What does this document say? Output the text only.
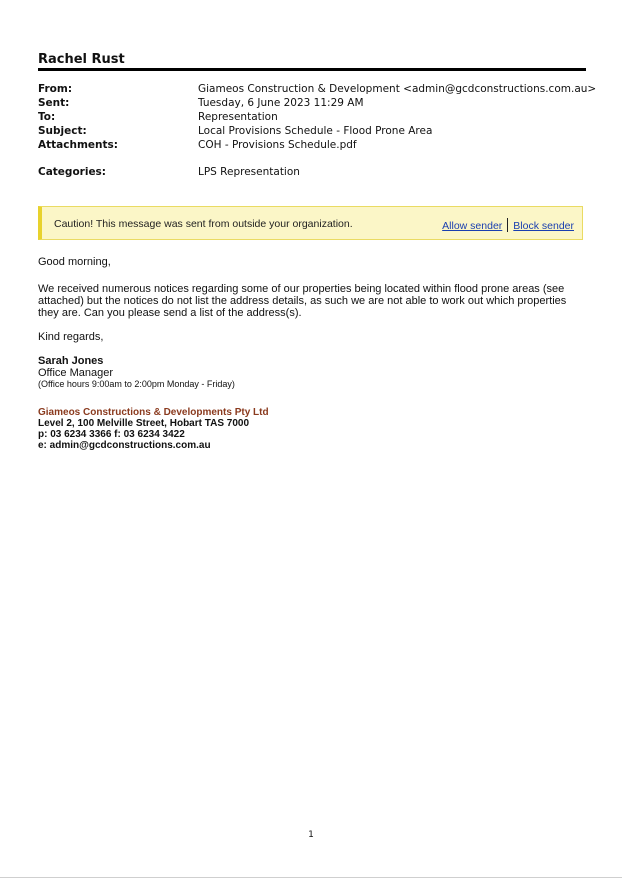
Rachel Rust
From:	Giameos Construction & Development <admin@gcdconstructions.com.au>
Sent:	Tuesday, 6 June 2023 11:29 AM
To:	Representation
Subject:	Local Provisions Schedule - Flood Prone Area
Attachments:	COH - Provisions Schedule.pdf
Categories:	LPS Representation
Caution! This message was sent from outside your organization.	Allow sender Block sender

Good morning,

We received numerous notices regarding some of our properties being located within flood prone areas (see attached) but the notices do not list the address details, as such we are not able to work out which properties they are. Can you please send a list of the address(s).

Kind regards,

Sarah Jones

Office Manager

(Office hours 9:00am to 2:00pm Monday - Friday)

Giameos Constructions & Developments Pty Ltd

Level 2, 100 Melville Street, Hobart TAS 7000

p: 03 6234 3366 f: 03 6234 3422

e: admin@gcdconstructions.com.au

1
